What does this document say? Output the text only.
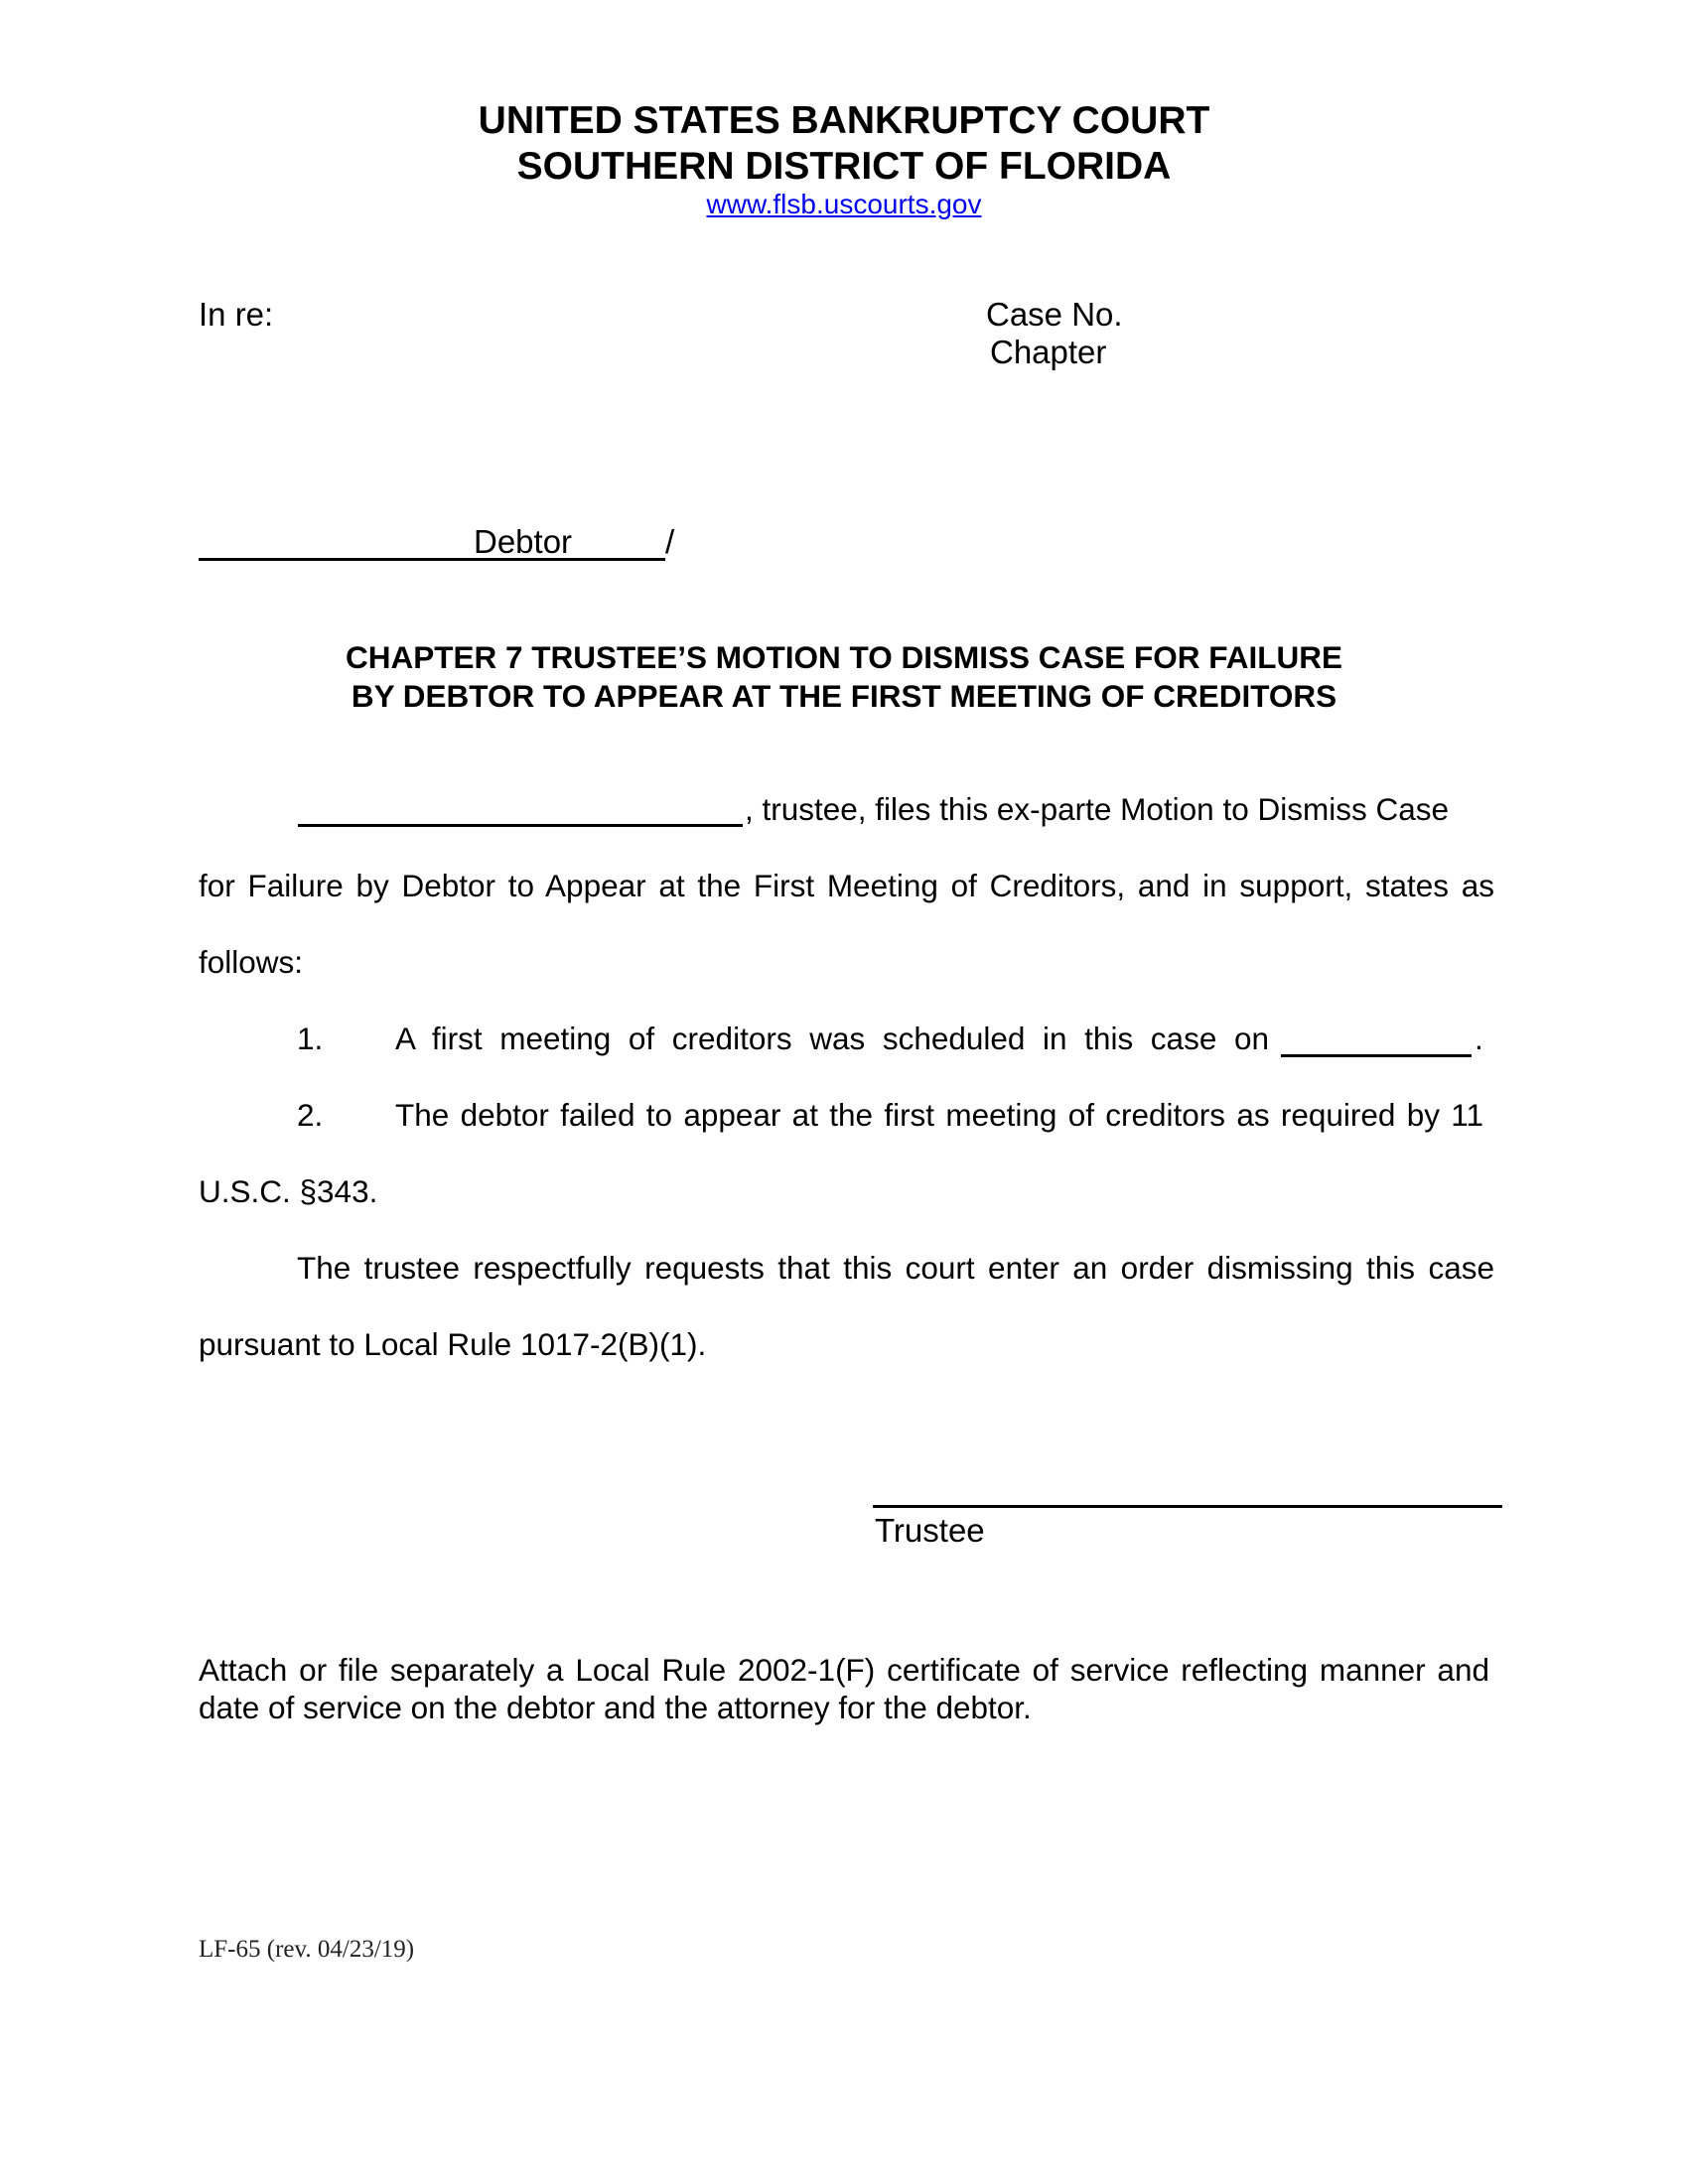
UNITED STATES BANKRUPTCY COURT
SOUTHERN DISTRICT OF FLORIDA
www.flsb.uscourts.gov
In re:	Case No.
Chapter
Debtor	/
CHAPTER 7 TRUSTEE’S MOTION TO DISMISS CASE FOR FAILURE
BY DEBTOR TO APPEAR AT THE FIRST MEETING OF CREDITORS
, trustee, files this ex-parte Motion to Dismiss Case
for Failure by Debtor to Appear at the First Meeting of Creditors, and in support, states as
follows:
1. A first meeting of creditors was scheduled in this case on	.
2. The debtor failed to appear at the first meeting of creditors as required by 11
U.S.C. §343.
The trustee respectfully requests that this court enter an order dismissing this case
pursuant to Local Rule 1017-2(B)(1).
Trustee
Attach or file separately a Local Rule 2002-1(F) certificate of service reflecting manner and
date of service on the debtor and the attorney for the debtor.
LF-65 (rev. 04/23/19)
